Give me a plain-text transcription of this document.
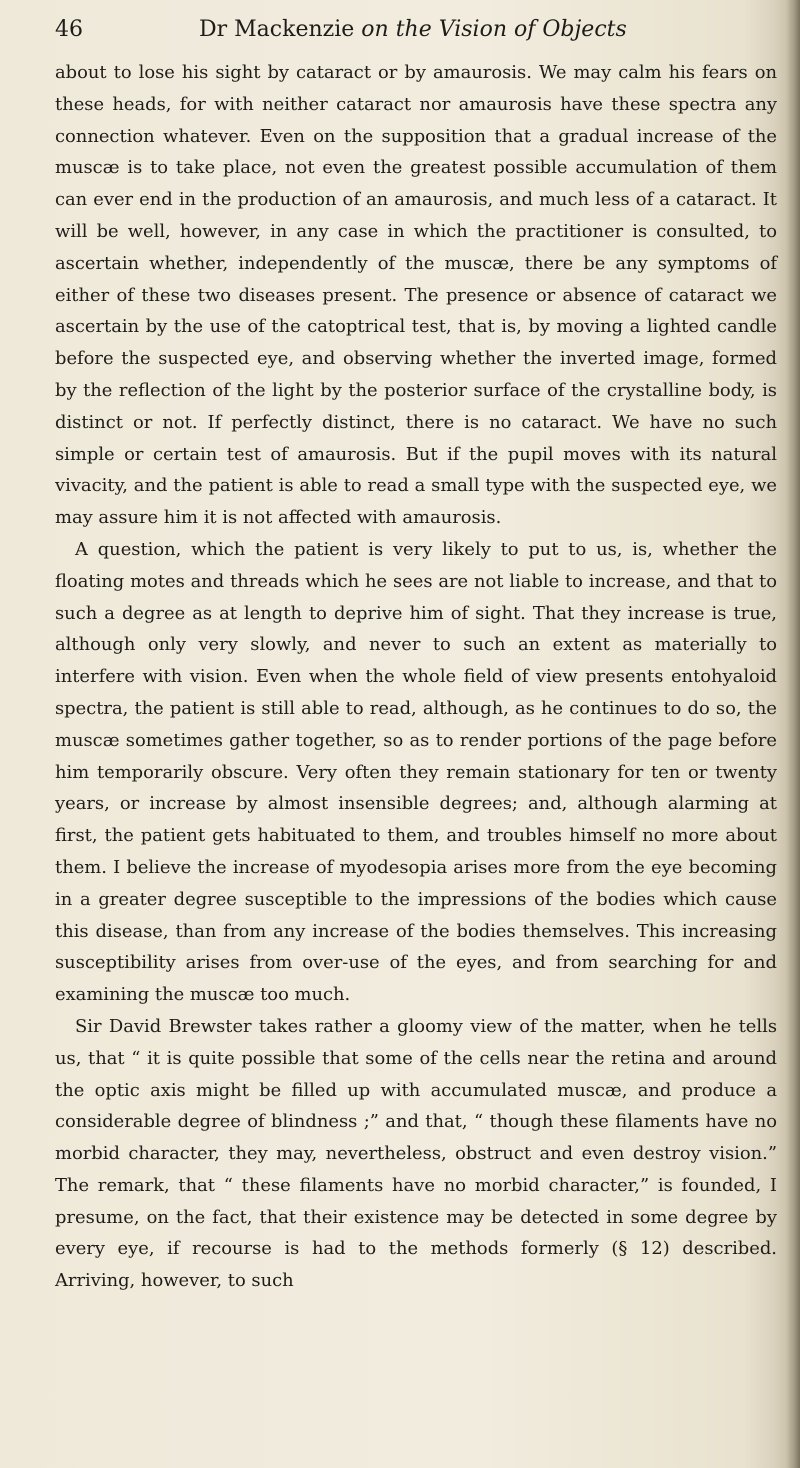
46	Dr Mackenzie on the Vision of Objects

about to lose his sight by cataract or by amaurosis. We may calm his fears on these heads, for with neither cataract nor amaurosis have these spectra any connection whatever. Even on the supposition that a gradual increase of the muscæ is to take place, not even the greatest possible accumulation of them can ever end in the production of an amaurosis, and much less of a cataract. It will be well, however, in any case in which the practitioner is consulted, to ascertain whether, independently of the muscæ, there be any symptoms of either of these two diseases present. The presence or absence of cataract we ascertain by the use of the catoptrical test, that is, by moving a lighted candle before the suspected eye, and observing whether the inverted image, formed by the reflection of the light by the posterior surface of the crystalline body, is distinct or not. If perfectly distinct, there is no cataract. We have no such simple or certain test of amaurosis. But if the pupil moves with its natural vivacity, and the patient is able to read a small type with the suspected eye, we may assure him it is not affected with amaurosis.

A question, which the patient is very likely to put to us, is, whether the floating motes and threads which he sees are not liable to increase, and that to such a degree as at length to deprive him of sight. That they increase is true, although only very slowly, and never to such an extent as materially to interfere with vision. Even when the whole field of view presents entohyaloid spectra, the patient is still able to read, although, as he continues to do so, the muscæ sometimes gather together, so as to render portions of the page before him temporarily obscure. Very often they remain stationary for ten or twenty years, or increase by almost insensible degrees; and, although alarming at first, the patient gets habituated to them, and troubles himself no more about them. I believe the increase of myodesopia arises more from the eye becoming in a greater degree susceptible to the impressions of the bodies which cause this disease, than from any increase of the bodies themselves. This increasing susceptibility arises from over-use of the eyes, and from searching for and examining the muscæ too much.

Sir David Brewster takes rather a gloomy view of the matter, when he tells us, that “ it is quite possible that some of the cells near the retina and around the optic axis might be filled up with accumulated muscæ, and produce a considerable degree of blindness ;” and that, “ though these filaments have no morbid character, they may, nevertheless, obstruct and even destroy vision.” The remark, that “ these filaments have no morbid character,” is founded, I presume, on the fact, that their existence may be detected in some degree by every eye, if recourse is had to the methods formerly (§ 12) described. Arriving, however, to such
